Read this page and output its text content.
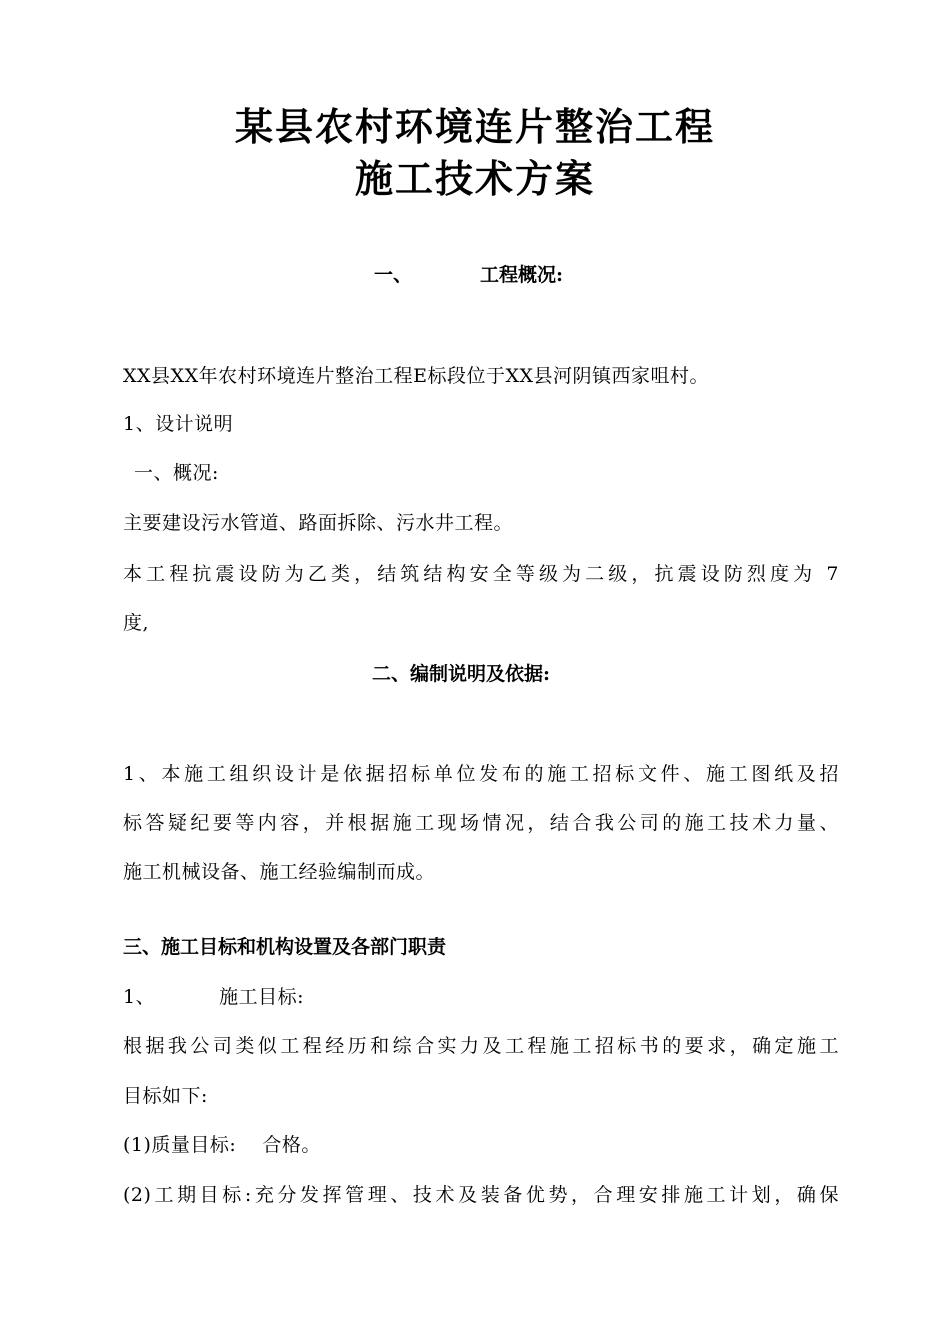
某县农村环境连片整治工程
施工技术方案
一、	工程概况:
XX县XX年农村环境连片整治工程E标段位于XX县河阴镇西家咀村。
1、设计说明
一、概况:
主要建设污水管道、路面拆除、污水井工程。
本工程抗震设防为乙类，结筑结构安全等级为二级，抗震设防烈度为 7
度,
二、编制说明及依据:
1、本施工组织设计是依据招标单位发布的施工招标文件、施工图纸及招
标答疑纪要等内容，并根据施工现场情况，结合我公司的施工技术力量、
施工机械设备、施工经验编制而成。
三、施工目标和机构设置及各部门职责
1、	施工目标:
根据我公司类似工程经历和综合实力及工程施工招标书的要求，确定施工
目标如下:
(1)质量目标:　 合格。
(2)工期目标:充分发挥管理、技术及装备优势，合理安排施工计划，确保
